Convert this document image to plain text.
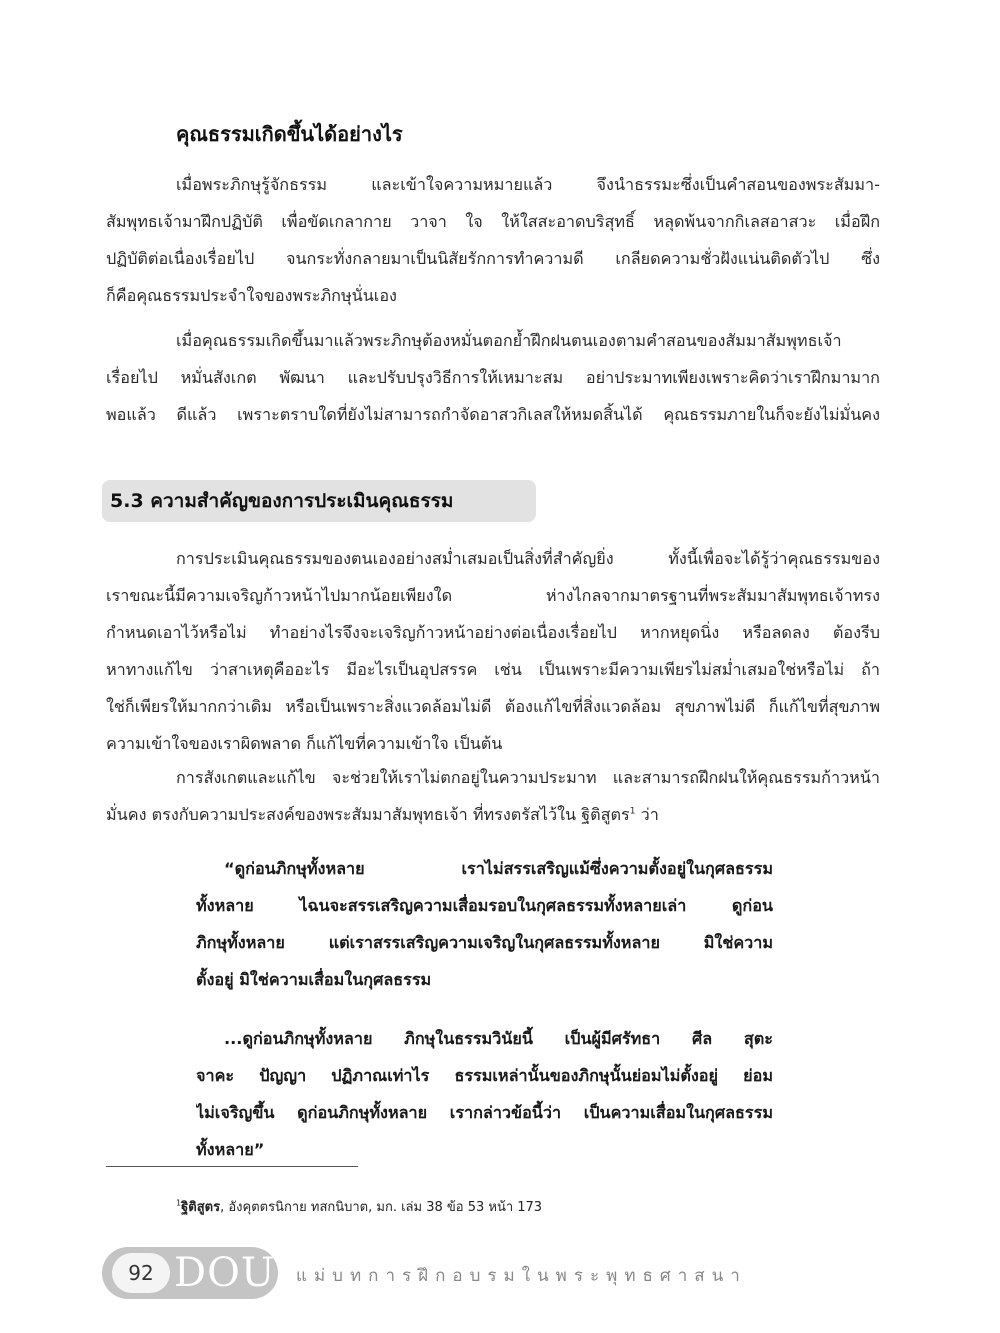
คุณธรรมเกิดขึ้นได้อย่างไร
เมื่อพระภิกษุรู้จักธรรม และเข้าใจความหมายแล้ว จึงนำธรรมะซึ่งเป็นคำสอนของพระสัมมา-
สัมพุทธเจ้ามาฝึกปฏิบัติ เพื่อขัดเกลากาย วาจา ใจ ให้ใสสะอาดบริสุทธิ์ หลุดพ้นจากกิเลสอาสวะ เมื่อฝึก
ปฏิบัติต่อเนื่องเรื่อยไป จนกระทั่งกลายมาเป็นนิสัยรักการทำความดี เกลียดความชั่วฝังแน่นติดตัวไป ซึ่ง
ก็คือคุณธรรมประจำใจของพระภิกษุนั่นเอง
เมื่อคุณธรรมเกิดขึ้นมาแล้วพระภิกษุต้องหมั่นตอกย้ำฝึกฝนตนเองตามคำสอนของสัมมาสัมพุทธเจ้า
เรื่อยไป หมั่นสังเกต พัฒนา และปรับปรุงวิธีการให้เหมาะสม อย่าประมาทเพียงเพราะคิดว่าเราฝึกมามาก
พอแล้ว ดีแล้ว เพราะตราบใดที่ยังไม่สามารถกำจัดอาสวกิเลสให้หมดสิ้นได้ คุณธรรมภายในก็จะยังไม่มั่นคง
5.3 ความสำคัญของการประเมินคุณธรรม
การประเมินคุณธรรมของตนเองอย่างสม่ำเสมอเป็นสิ่งที่สำคัญยิ่ง ทั้งนี้เพื่อจะได้รู้ว่าคุณธรรมของ
เราขณะนี้มีความเจริญก้าวหน้าไปมากน้อยเพียงใด ห่างไกลจากมาตรฐานที่พระสัมมาสัมพุทธเจ้าทรง
กำหนดเอาไว้หรือไม่ ทำอย่างไรจึงจะเจริญก้าวหน้าอย่างต่อเนื่องเรื่อยไป หากหยุดนิ่ง หรือลดลง ต้องรีบ
หาทางแก้ไข ว่าสาเหตุคืออะไร มีอะไรเป็นอุปสรรค เช่น เป็นเพราะมีความเพียรไม่สม่ำเสมอใช่หรือไม่ ถ้า
ใช่ก็เพียรให้มากกว่าเดิม หรือเป็นเพราะสิ่งแวดล้อมไม่ดี ต้องแก้ไขที่สิ่งแวดล้อม สุขภาพไม่ดี ก็แก้ไขที่สุขภาพ
ความเข้าใจของเราผิดพลาด ก็แก้ไขที่ความเข้าใจ เป็นต้น
การสังเกตและแก้ไข จะช่วยให้เราไม่ตกอยู่ในความประมาท และสามารถฝึกฝนให้คุณธรรมก้าวหน้า
มั่นคง ตรงกับความประสงค์ของพระสัมมาสัมพุทธเจ้า ที่ทรงตรัสไว้ใน ฐิติสูตร$^1$ ว่า
“ดูก่อนภิกษุทั้งหลาย เราไม่สรรเสริญแม้ซึ่งความตั้งอยู่ในกุศลธรรม
ทั้งหลาย ไฉนจะสรรเสริญความเสื่อมรอบในกุศลธรรมทั้งหลายเล่า ดูก่อน
ภิกษุทั้งหลาย แต่เราสรรเสริญความเจริญในกุศลธรรมทั้งหลาย มิใช่ความ
ตั้งอยู่ มิใช่ความเสื่อมในกุศลธรรม
...ดูก่อนภิกษุทั้งหลาย ภิกษุในธรรมวินัยนี้ เป็นผู้มีศรัทธา ศีล สุตะ
จาคะ ปัญญา ปฏิภาณเท่าไร ธรรมเหล่านั้นของภิกษุนั้นย่อมไม่ตั้งอยู่ ย่อม
ไม่เจริญขึ้น ดูก่อนภิกษุทั้งหลาย เรากล่าวข้อนี้ว่า เป็นความเสื่อมในกุศลธรรม
ทั้งหลาย”
$^1$ฐิติสูตร, อังคุตตรนิกาย ทสกนิบาต, มก. เล่ม 38 ข้อ 53 หน้า 173
92 DOU แม่บทการฝึกอบรมในพระพุทธศาสนา
